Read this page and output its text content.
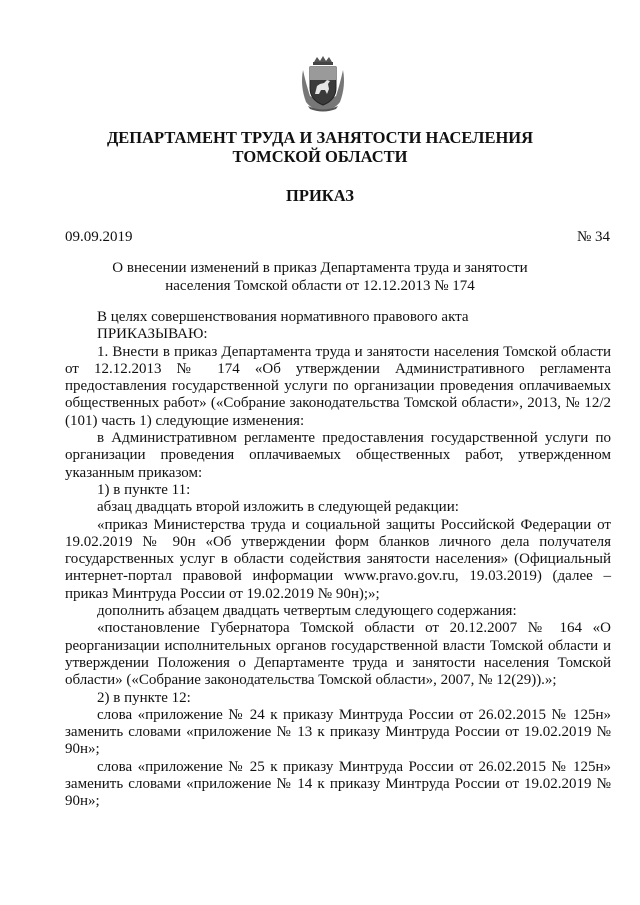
ДЕПАРТАМЕНТ ТРУДА И ЗАНЯТОСТИ НАСЕЛЕНИЯ
ТОМСКОЙ ОБЛАСТИ
ПРИКАЗ
09.09.2019	№ 34
О внесении изменений в приказ Департамента труда и занятости
населения Томской области от 12.12.2013 № 174

В целях совершенствования нормативного правового акта

ПРИКАЗЫВАЮ:

1. Внести в приказ Департамента труда и занятости населения Томской области от 12.12.2013 № 174 «Об утверждении Административного регламента предоставления государственной услуги по организации проведения оплачиваемых общественных работ» («Собрание законодательства Томской области», 2013, № 12/2 (101) часть 1) следующие изменения:

в Административном регламенте предоставления государственной услуги по организации проведения оплачиваемых общественных работ, утвержденном указанным приказом:

1) в пункте 11:

абзац двадцать второй изложить в следующей редакции:

«приказ Министерства труда и социальной защиты Российской Федерации от 19.02.2019 № 90н «Об утверждении форм бланков личного дела получателя государственных услуг в области содействия занятости населения» (Официальный интернет-портал правовой информации www.pravo.gov.ru, 19.03.2019) (далее – приказ Минтруда России от 19.02.2019 № 90н);»;

дополнить абзацем двадцать четвертым следующего содержания:

«постановление Губернатора Томской области от 20.12.2007 № 164 «О реорганизации исполнительных органов государственной власти Томской области и утверждении Положения о Департаменте труда и занятости населения Томской области» («Собрание законодательства Томской области», 2007, № 12(29)).»;

2) в пункте 12:

слова «приложение № 24 к приказу Минтруда России от 26.02.2015 № 125н» заменить словами «приложение № 13 к приказу Минтруда России от 19.02.2019 № 90н»;

слова «приложение № 25 к приказу Минтруда России от 26.02.2015 № 125н» заменить словами «приложение № 14 к приказу Минтруда России от 19.02.2019 № 90н»;
